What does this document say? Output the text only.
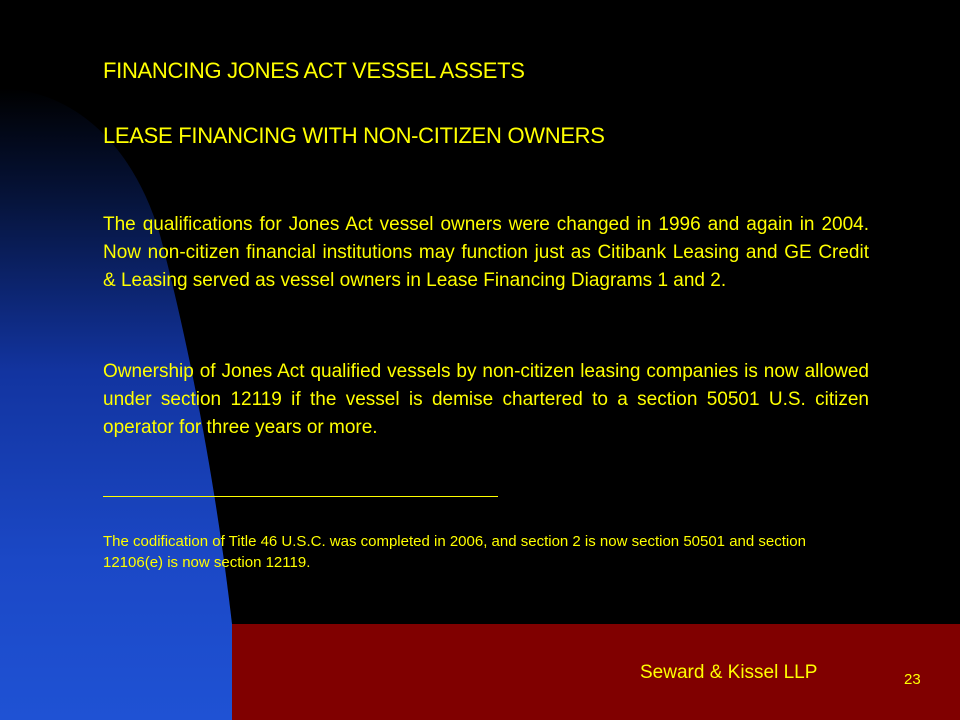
FINANCING JONES ACT VESSEL ASSETS
LEASE FINANCING WITH NON-CITIZEN OWNERS

The qualifications for Jones Act vessel owners were changed in 1996 and again in 2004. Now non-citizen financial institutions may function just as Citibank Leasing and GE Credit & Leasing served as vessel owners in Lease Financing Diagrams 1 and 2.

Ownership of Jones Act qualified vessels by non-citizen leasing companies is now allowed under section 12119 if the vessel is demise chartered to a section 50501 U.S. citizen operator for three years or more.

The codification of Title 46 U.S.C. was completed in 2006, and section 2 is now section 50501 and section 12106(e) is now section 12119.

Seward & Kissel LLP	23
